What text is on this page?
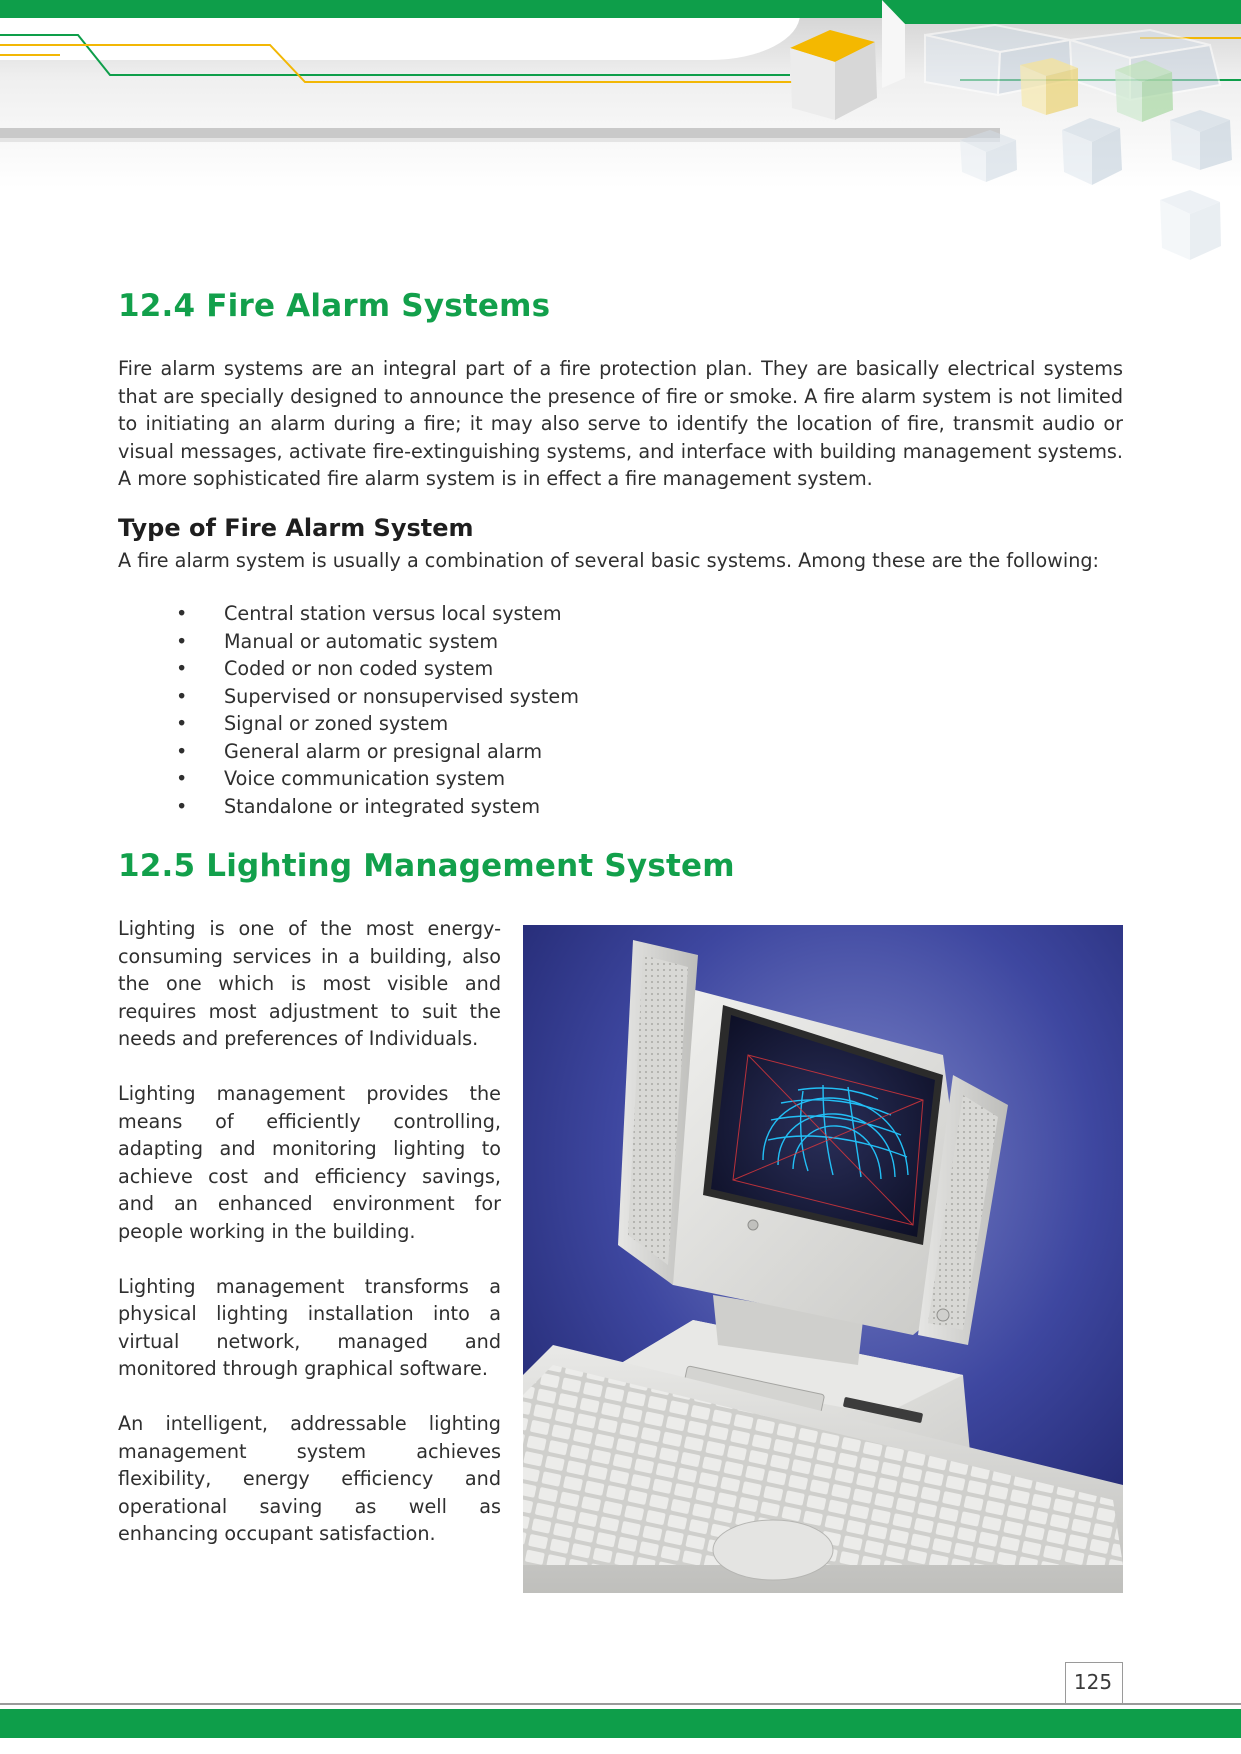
12.4 Fire Alarm Systems

Fire alarm systems are an integral part of a fire protection plan. They are basically electrical systems that are specially designed to announce the presence of fire or smoke. A fire alarm system is not limited to initiating an alarm during a fire; it may also serve to identify the location of fire, transmit audio or visual messages, activate fire-extinguishing systems, and interface with building management systems. A more sophisticated fire alarm system is in effect a fire management system.

Type of Fire Alarm System

A fire alarm system is usually a combination of several basic systems. Among these are the following:

• Central station versus local system
• Manual or automatic system
• Coded or non coded system
• Supervised or nonsupervised system
• Signal or zoned system
• General alarm or presignal alarm
• Voice communication system
• Standalone or integrated system
12.5 Lighting Management System

Lighting is one of the most energy-consuming services in a building, also the one which is most visible and requires most adjustment to suit the needs and preferences of Individuals.

Lighting management provides the means of efficiently controlling, adapting and monitoring lighting to achieve cost and efficiency savings, and an enhanced environment for people working in the building.

Lighting management transforms a physical lighting installation into a virtual network, managed and monitored through graphical software.

An intelligent, addressable lighting management system achieves flexibility, energy efficiency and operational saving as well as enhancing occupant satisfaction.

125
